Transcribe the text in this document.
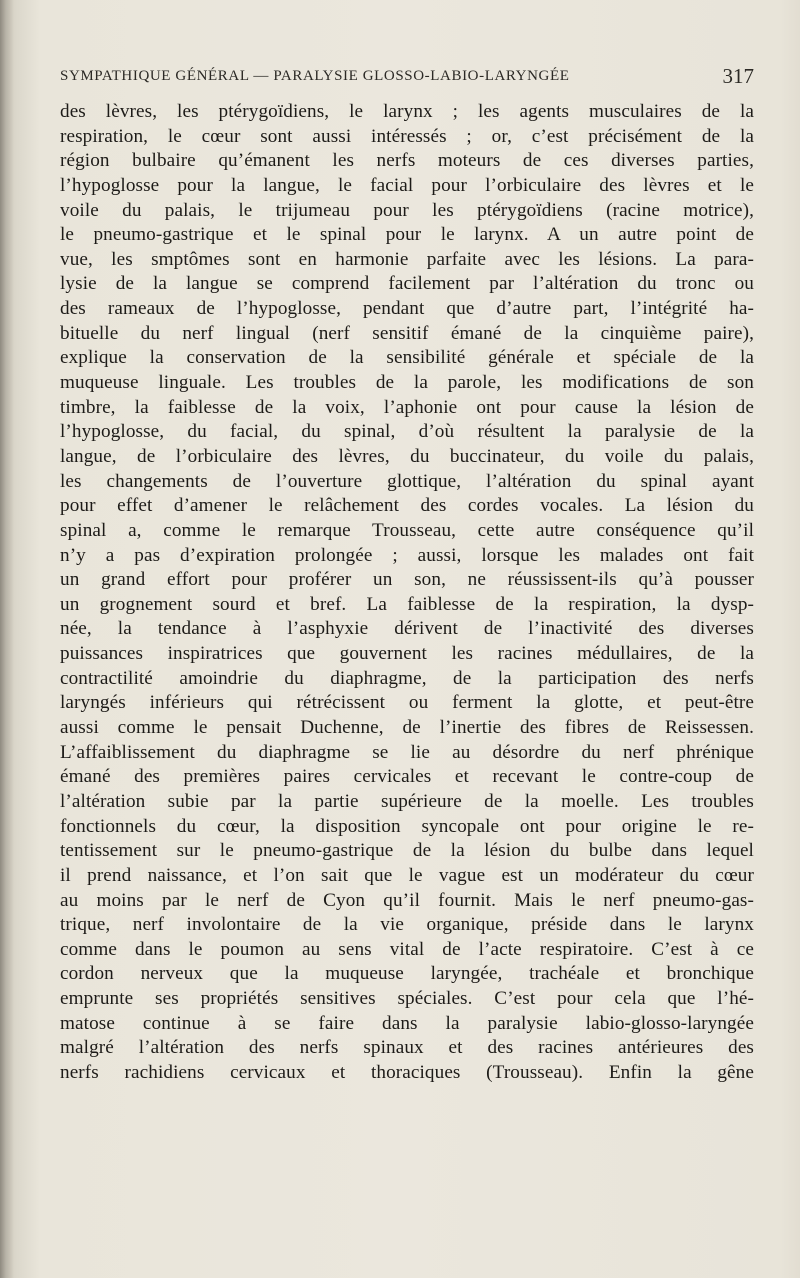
SYMPATHIQUE GÉNÉRAL — PARALYSIE GLOSSO-LABIO-LARYNGÉE	317
des lèvres, les ptérygoïdiens, le larynx ; les agents musculaires de la
respiration, le cœur sont aussi intéressés ; or, c’est précisément de la
région bulbaire qu’émanent les nerfs moteurs de ces diverses parties,
l’hypoglosse pour la langue, le facial pour l’orbiculaire des lèvres et le
voile du palais, le trijumeau pour les ptérygoïdiens (racine motrice),
le pneumo-gastrique et le spinal pour le larynx. A un autre point de
vue, les smptômes sont en harmonie parfaite avec les lésions. La para-
lysie de la langue se comprend facilement par l’altération du tronc ou
des rameaux de l’hypoglosse, pendant que d’autre part, l’intégrité ha-
bituelle du nerf lingual (nerf sensitif émané de la cinquième paire),
explique la conservation de la sensibilité générale et spéciale de la
muqueuse linguale. Les troubles de la parole, les modifications de son
timbre, la faiblesse de la voix, l’aphonie ont pour cause la lésion de
l’hypoglosse, du facial, du spinal, d’où résultent la paralysie de la
langue, de l’orbiculaire des lèvres, du buccinateur, du voile du palais,
les changements de l’ouverture glottique, l’altération du spinal ayant
pour effet d’amener le relâchement des cordes vocales. La lésion du
spinal a, comme le remarque Trousseau, cette autre conséquence qu’il
n’y a pas d’expiration prolongée ; aussi, lorsque les malades ont fait
un grand effort pour proférer un son, ne réussissent-ils qu’à pousser
un grognement sourd et bref. La faiblesse de la respiration, la dysp-
née, la tendance à l’asphyxie dérivent de l’inactivité des diverses
puissances inspiratrices que gouvernent les racines médullaires, de la
contractilité amoindrie du diaphragme, de la participation des nerfs
laryngés inférieurs qui rétrécissent ou ferment la glotte, et peut-être
aussi comme le pensait Duchenne, de l’inertie des fibres de Reissessen.
L’affaiblissement du diaphragme se lie au désordre du nerf phrénique
émané des premières paires cervicales et recevant le contre-coup de
l’altération subie par la partie supérieure de la moelle. Les troubles
fonctionnels du cœur, la disposition syncopale ont pour origine le re-
tentissement sur le pneumo-gastrique de la lésion du bulbe dans lequel
il prend naissance, et l’on sait que le vague est un modérateur du cœur
au moins par le nerf de Cyon qu’il fournit. Mais le nerf pneumo-gas-
trique, nerf involontaire de la vie organique, préside dans le larynx
comme dans le poumon au sens vital de l’acte respiratoire. C’est à ce
cordon nerveux que la muqueuse laryngée, trachéale et bronchique
emprunte ses propriétés sensitives spéciales. C’est pour cela que l’hé-
matose continue à se faire dans la paralysie labio-glosso-laryngée
malgré l’altération des nerfs spinaux et des racines antérieures des
nerfs rachidiens cervicaux et thoraciques (Trousseau). Enfin la gêne
